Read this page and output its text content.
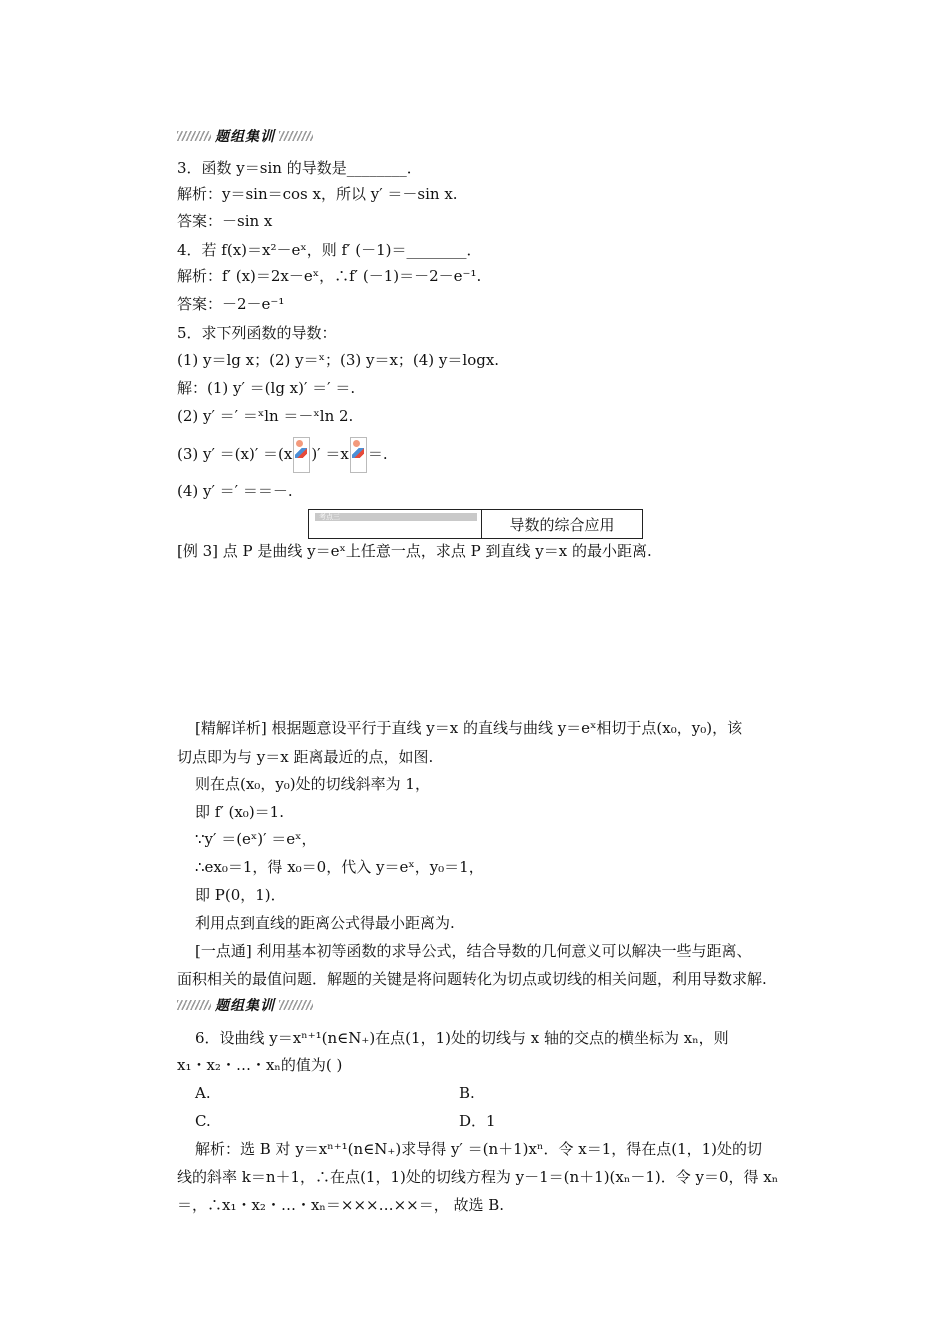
题组集训
3．函数 y＝sin 的导数是________．
解析：y＝sin＝cos x，所以 y′ ＝－sin x.
答案：－sin x
4．若 f(x)＝x²－eˣ，则 f′ (－1)＝________．
解析：f′ (x)＝2x－eˣ，∴f′ (－1)＝－2－e⁻¹.
答案：－2－e⁻¹
5．求下列函数的导数：
(1) y＝lg x；(2) y＝ˣ；(3) y＝x；(4) y＝logx.
解：(1) y′ ＝(lg x)′ ＝′ ＝.
(2) y′ ＝′ ＝ˣln ＝－ˣln 2.
(3) y′ ＝(x)′ ＝(x )′ ＝x ＝.
(4) y′ ＝′ ＝＝－.
考点三	导数的综合应用
[例 3] 点 P 是曲线 y＝eˣ上任意一点，求点 P 到直线 y＝x 的最小距离.
[精解详析] 根据题意设平行于直线 y＝x 的直线与曲线 y＝eˣ相切于点(x₀，y₀)，该
切点即为与 y＝x 距离最近的点，如图.
则在点(x₀，y₀)处的切线斜率为 1，
即 f′ (x₀)＝1.
∵y′ ＝(eˣ)′ ＝eˣ，
∴ex₀＝1，得 x₀＝0，代入 y＝eˣ，y₀＝1，
即 P(0，1)．
利用点到直线的距离公式得最小距离为.
[一点通] 利用基本初等函数的求导公式，结合导数的几何意义可以解决一些与距离、
面积相关的最值问题．解题的关键是将问题转化为切点或切线的相关问题，利用导数求解.
题组集训
6．设曲线 y＝xⁿ⁺¹(n∈N₊)在点(1，1)处的切线与 x 轴的交点的横坐标为 xₙ，则
x₁・x₂・…・xₙ的值为( )
A.	B.
C.	D．1
解析：选 B 对 y＝xⁿ⁺¹(n∈N₊)求导得 y′ ＝(n＋1)xⁿ．令 x＝1，得在点(1，1)处的切
线的斜率 k＝n＋1，∴在点(1，1)处的切线方程为 y－1＝(n＋1)(xₙ－1)．令 y＝0，得 xₙ
＝，∴x₁・x₂・…・xₙ＝×××…××＝， 故选 B.
